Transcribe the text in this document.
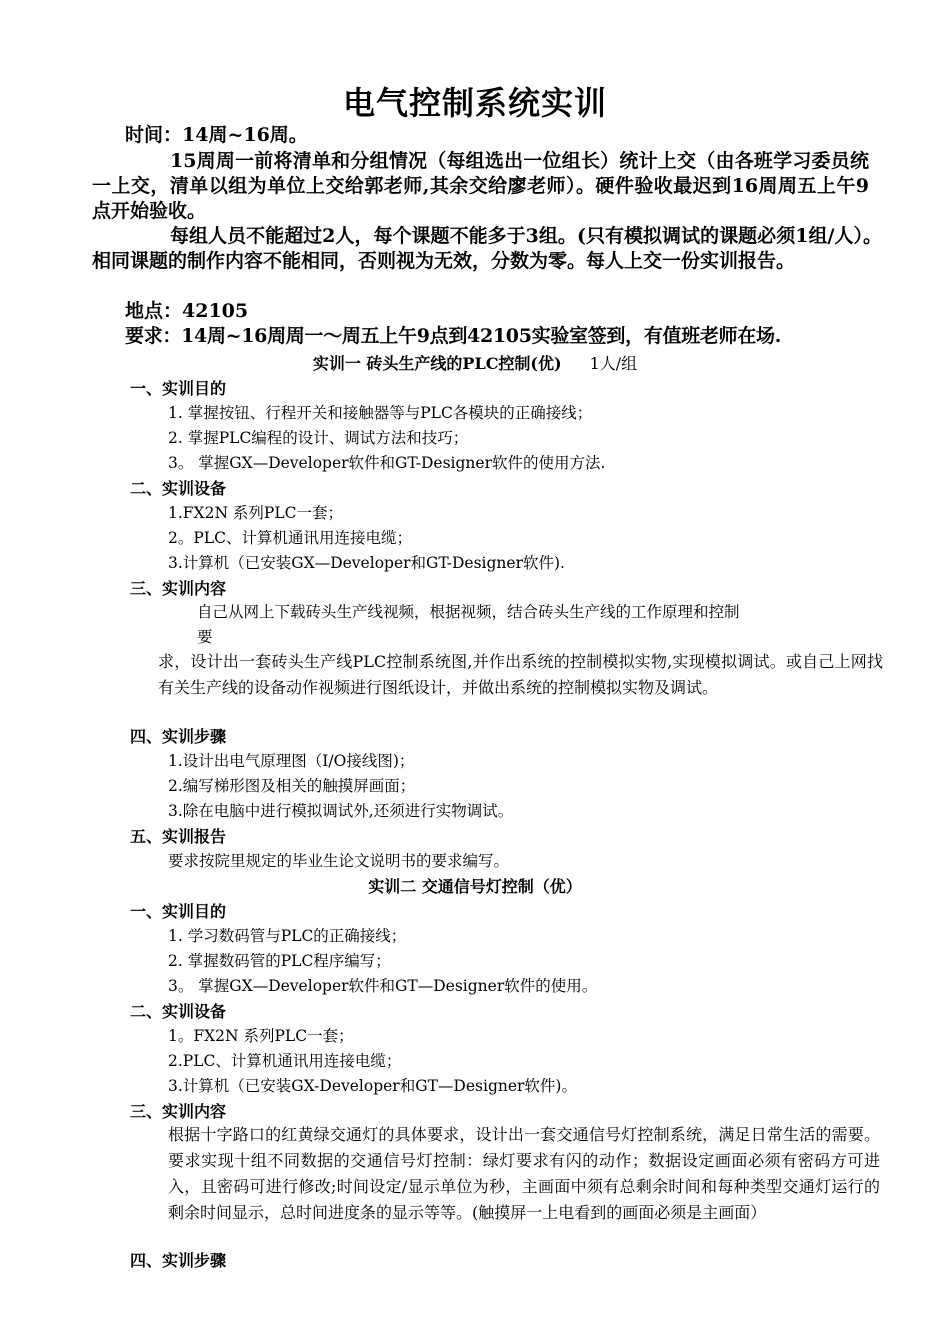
电气控制系统实训
时间：14周~16周。
15周周一前将清单和分组情况（每组选出一位组长）统计上交（由各班学习委员统一上交，清单以组为单位上交给郭老师,其余交给廖老师）。硬件验收最迟到16周周五上午9点开始验收。
每组人员不能超过2人，每个课题不能多于3组。(只有模拟调试的课题必须1组/人）。相同课题的制作内容不能相同，否则视为无效，分数为零。每人上交一份实训报告。
地点：42105
要求：14周~16周周一～周五上午9点到42105实验室签到，有值班老师在场.
实训一 砖头生产线的PLC控制(优) 1人/组
一、实训目的
1. 掌握按钮、行程开关和接触器等与PLC各模块的正确接线；
2. 掌握PLC编程的设计、调试方法和技巧；
3。 掌握GX—Developer软件和GT-Designer软件的使用方法.
二、实训设备
1.FX2N 系列PLC一套；
2。PLC、计算机通讯用连接电缆；
3.计算机（已安装GX—Developer和GT-Designer软件).
三、实训内容
自己从网上下载砖头生产线视频，根据视频，结合砖头生产线的工作原理和控制
要
求，设计出一套砖头生产线PLC控制系统图,并作出系统的控制模拟实物,实现模拟调试。或自己上网找有关生产线的设备动作视频进行图纸设计，并做出系统的控制模拟实物及调试。
四、实训步骤
1.设计出电气原理图（I/O接线图)；
2.编写梯形图及相关的触摸屏画面；
3.除在电脑中进行模拟调试外,还须进行实物调试。
五、实训报告
要求按院里规定的毕业生论文说明书的要求编写。
实训二 交通信号灯控制（优）
一、实训目的
1. 学习数码管与PLC的正确接线；
2. 掌握数码管的PLC程序编写；
3。 掌握GX—Developer软件和GT—Designer软件的使用。
二、实训设备
1。FX2N 系列PLC一套；
2.PLC、计算机通讯用连接电缆；
3.计算机（已安装GX-Developer和GT—Designer软件)。
三、实训内容
根据十字路口的红黄绿交通灯的具体要求，设计出一套交通信号灯控制系统，满足日常生活的需要。要求实现十组不同数据的交通信号灯控制：绿灯要求有闪的动作；数据设定画面必须有密码方可进入，且密码可进行修改;时间设定/显示单位为秒，主画面中须有总剩余时间和每种类型交通灯运行的剩余时间显示，总时间进度条的显示等等。(触摸屏一上电看到的画面必须是主画面）
四、实训步骤
